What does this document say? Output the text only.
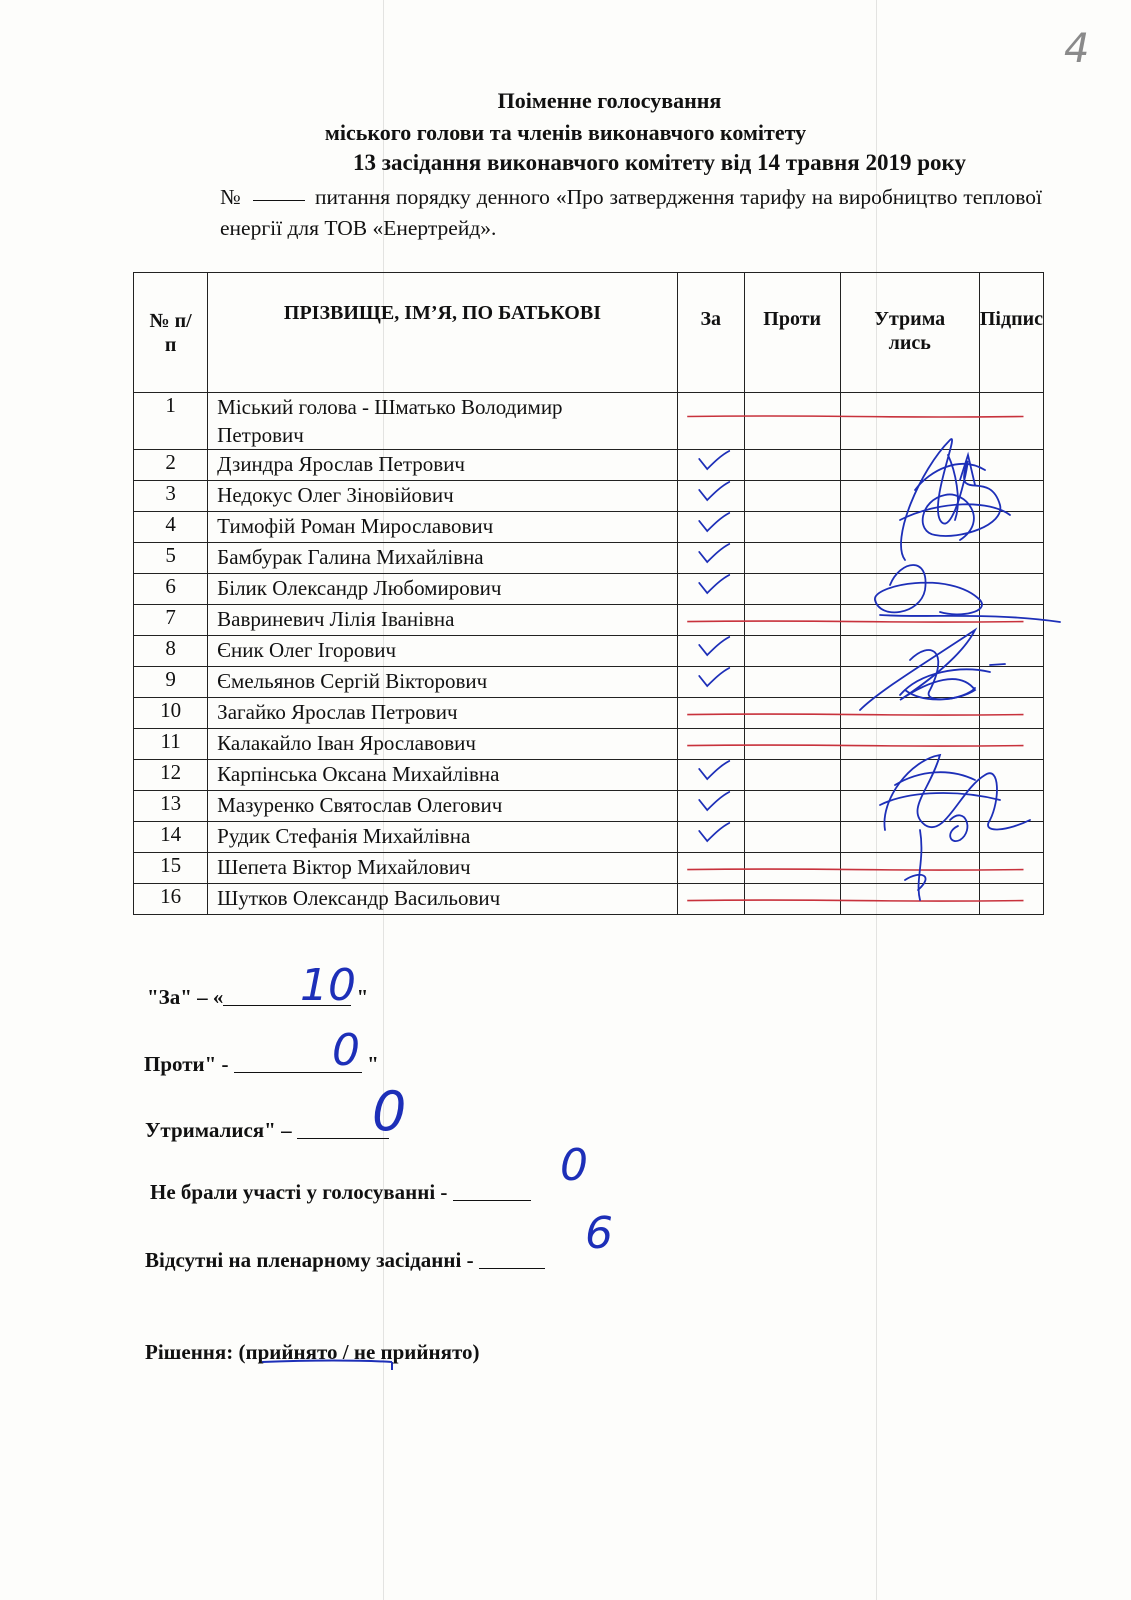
4
Поіменне голосування
міського голови та членів виконавчого комітету
13 засідання виконавчого комітету від 14 травня 2019 року
№	питання порядку денного «Про затвердження тарифу на виробництво теплової енергії для ТОВ «Енертрейд».
№ п/ п	ПРІЗВИЩЕ, ІМ’Я, ПО БАТЬКОВІ	За	Проти	Утрима лись	Підпис
1	Міський голова - Шматько Володимир Петрович				
2	Дзиндра Ярослав Петрович				
3	Недокус Олег Зіновійович				
4	Тимофій Роман Мирославович				
5	Бамбурак Галина Михайлівна				
6	Білик Олександр Любомирович				
7	Вавриневич Лілія Іванівна				
8	Єник Олег Ігорович				
9	Ємельянов Сергій Вікторович				
10	Загайко Ярослав Петрович				
11	Калакайло Іван Ярославович				
12	Карпінська Оксана Михайлівна				
13	Мазуренко Святослав Олегович				
14	Рудик Стефанія Михайлівна				
15	Шепета Віктор Михайлович				
16	Шутков Олександр Васильович				
"За" – «	"
10
Проти" -	"
0
Утрималися" –	0
Не брали участі у голосуванні -
0
Відсутні на пленарному засіданні -
6
Рішення: (прийнято / не прийнято)
